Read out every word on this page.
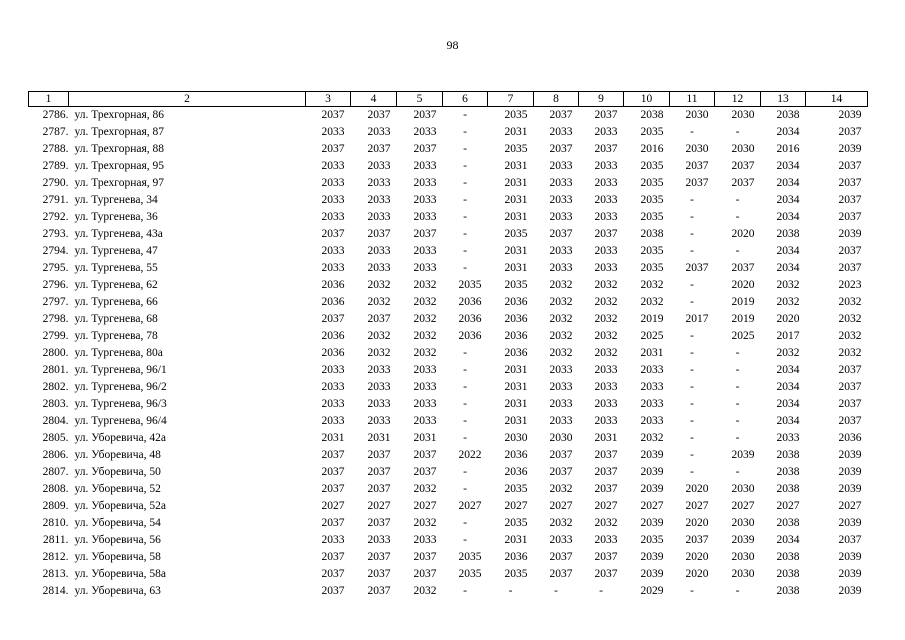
98
1	2	3	4	5	6	7	8	9	10	11	12	13	14
2786.	ул. Трехгорная, 86	2037	2037	2037	-	2035	2037	2037	2038	2030	2030	2038	2039
2787.	ул. Трехгорная, 87	2033	2033	2033	-	2031	2033	2033	2035	-	-	2034	2037
2788.	ул. Трехгорная, 88	2037	2037	2037	-	2035	2037	2037	2016	2030	2030	2016	2039
2789.	ул. Трехгорная, 95	2033	2033	2033	-	2031	2033	2033	2035	2037	2037	2034	2037
2790.	ул. Трехгорная, 97	2033	2033	2033	-	2031	2033	2033	2035	2037	2037	2034	2037
2791.	ул. Тургенева, 34	2033	2033	2033	-	2031	2033	2033	2035	-	-	2034	2037
2792.	ул. Тургенева, 36	2033	2033	2033	-	2031	2033	2033	2035	-	-	2034	2037
2793.	ул. Тургенева, 43а	2037	2037	2037	-	2035	2037	2037	2038	-	2020	2038	2039
2794.	ул. Тургенева, 47	2033	2033	2033	-	2031	2033	2033	2035	-	-	2034	2037
2795.	ул. Тургенева, 55	2033	2033	2033	-	2031	2033	2033	2035	2037	2037	2034	2037
2796.	ул. Тургенева, 62	2036	2032	2032	2035	2035	2032	2032	2032	-	2020	2032	2023
2797.	ул. Тургенева, 66	2036	2032	2032	2036	2036	2032	2032	2032	-	2019	2032	2032
2798.	ул. Тургенева, 68	2037	2037	2032	2036	2036	2032	2032	2019	2017	2019	2020	2032
2799.	ул. Тургенева, 78	2036	2032	2032	2036	2036	2032	2032	2025	-	2025	2017	2032
2800.	ул. Тургенева, 80а	2036	2032	2032	-	2036	2032	2032	2031	-	-	2032	2032
2801.	ул. Тургенева, 96/1	2033	2033	2033	-	2031	2033	2033	2033	-	-	2034	2037
2802.	ул. Тургенева, 96/2	2033	2033	2033	-	2031	2033	2033	2033	-	-	2034	2037
2803.	ул. Тургенева, 96/3	2033	2033	2033	-	2031	2033	2033	2033	-	-	2034	2037
2804.	ул. Тургенева, 96/4	2033	2033	2033	-	2031	2033	2033	2033	-	-	2034	2037
2805.	ул. Уборевича, 42а	2031	2031	2031	-	2030	2030	2031	2032	-	-	2033	2036
2806.	ул. Уборевича, 48	2037	2037	2037	2022	2036	2037	2037	2039	-	2039	2038	2039
2807.	ул. Уборевича, 50	2037	2037	2037	-	2036	2037	2037	2039	-	-	2038	2039
2808.	ул. Уборевича, 52	2037	2037	2032	-	2035	2032	2037	2039	2020	2030	2038	2039
2809.	ул. Уборевича, 52а	2027	2027	2027	2027	2027	2027	2027	2027	2027	2027	2027	2027
2810.	ул. Уборевича, 54	2037	2037	2032	-	2035	2032	2032	2039	2020	2030	2038	2039
2811.	ул. Уборевича, 56	2033	2033	2033	-	2031	2033	2033	2035	2037	2039	2034	2037
2812.	ул. Уборевича, 58	2037	2037	2037	2035	2036	2037	2037	2039	2020	2030	2038	2039
2813.	ул. Уборевича, 58а	2037	2037	2037	2035	2035	2037	2037	2039	2020	2030	2038	2039
2814.	ул. Уборевича, 63	2037	2037	2032	-	-	-	-	2029	-	-	2038	2039
